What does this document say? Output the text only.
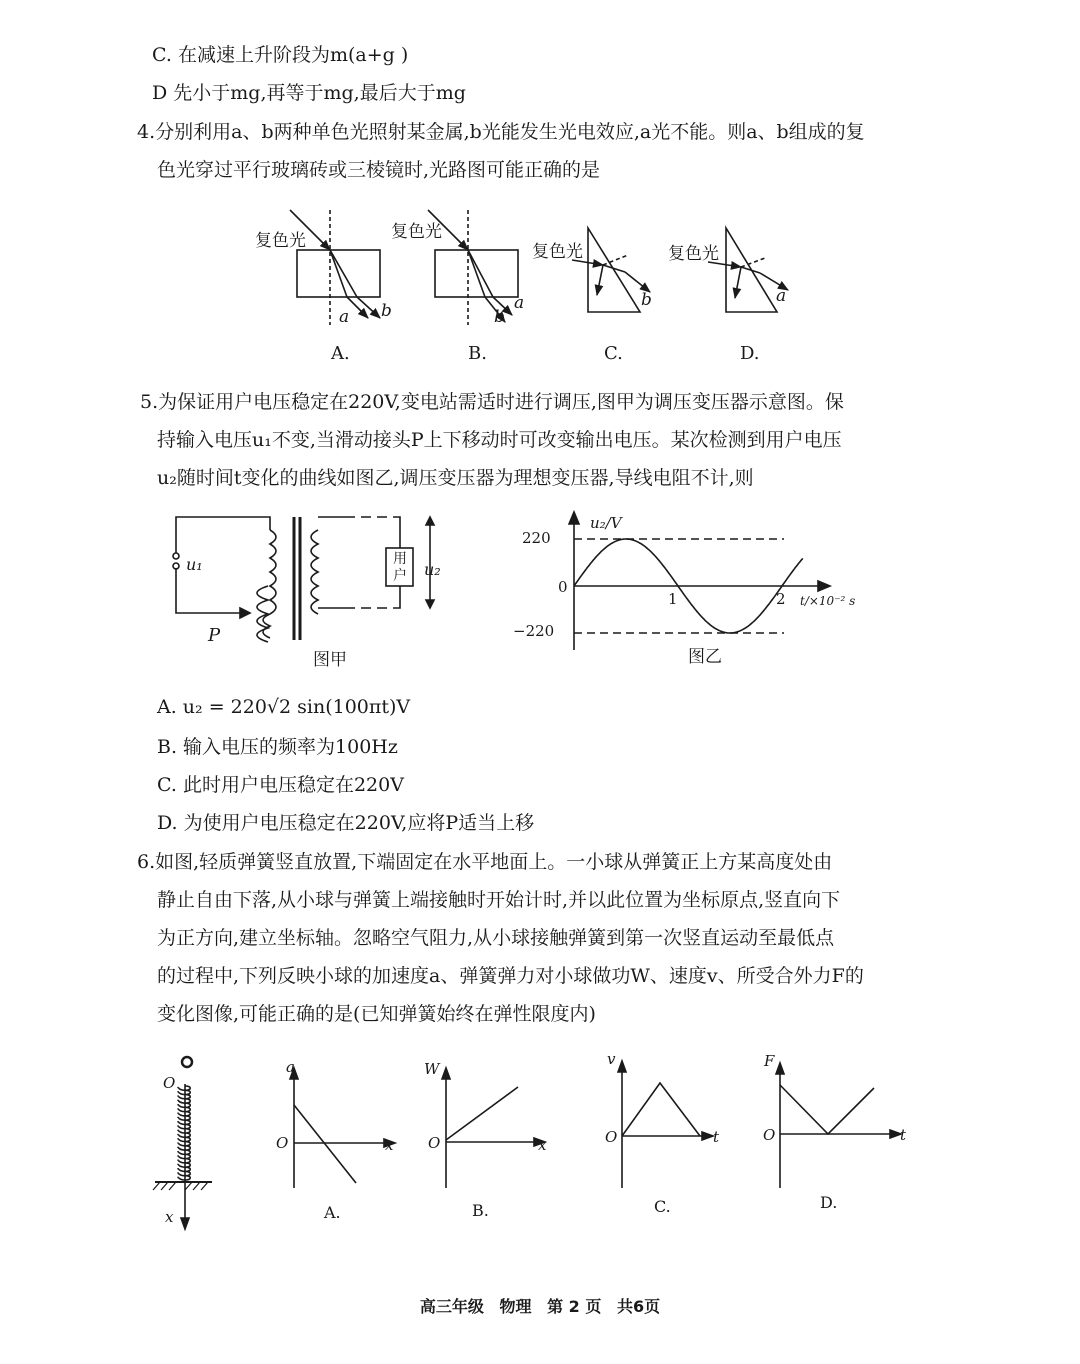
C. 在减速上升阶段为m(a+g )
D 先小于mg,再等于mg,最后大于mg
4.分别利用a、b两种单色光照射某金属,b光能发生光电效应,a光不能。则a、b组成的复
色光穿过平行玻璃砖或三棱镜时,光路图可能正确的是
复色光
a b
复色光
b
a
复色光
b
复色光
a
A.	B.	C.	D.
5.为保证用户电压稳定在220V,变电站需适时进行调压,图甲为调压变压器示意图。保
持输入电压u₁不变,当滑动接头P上下移动时可改变输出电压。某次检测到用户电压
u₂随时间t变化的曲线如图乙,调压变压器为理想变压器,导线电阻不计,则
u₁
P
用
户 u₂
图甲
u₂/V
220
0
1	2 t/×10⁻² s
−220
图乙
A. u₂ = 220√2 sin(100πt)V
B. 输入电压的频率为100Hz
C. 此时用户电压稳定在220V
D. 为使用户电压稳定在220V,应将P适当上移
6.如图,轻质弹簧竖直放置,下端固定在水平地面上。一小球从弹簧正上方某高度处由
静止自由下落,从小球与弹簧上端接触时开始计时,并以此位置为坐标原点,竖直向下
为正方向,建立坐标轴。忽略空气阻力,从小球接触弹簧到第一次竖直运动至最低点
的过程中,下列反映小球的加速度a、弹簧弹力对小球做功W、速度v、所受合外力F的
变化图像,可能正确的是(已知弹簧始终在弹性限度内)
O
x
a
O	x
A.
W
O	x
B.
v
O	t
C.
F
O	t
D.
高三年级 物理 第 2 页 共6页
